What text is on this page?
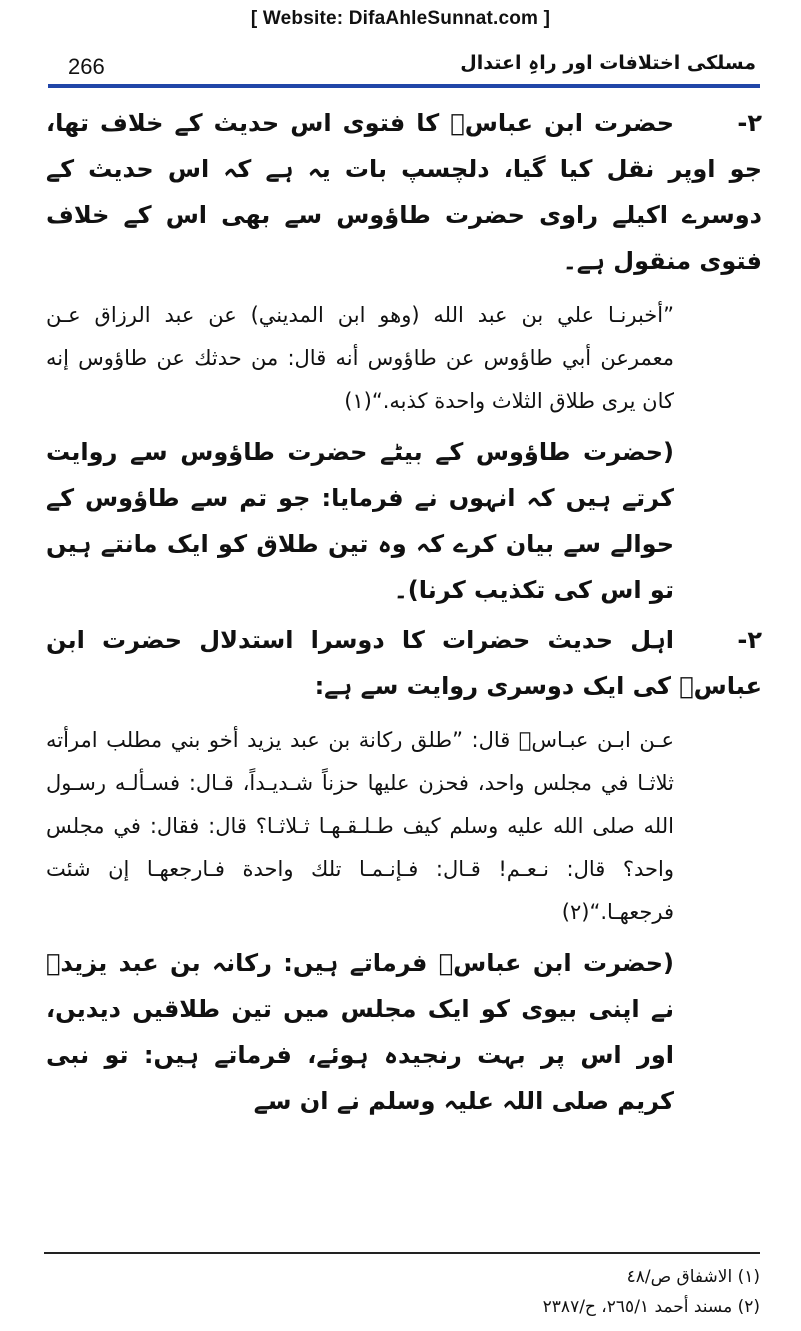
[ Website: DifaAhleSunnat.com ]
266	مسلکی اختلافات اور راہِ اعتدال

۲-
حضرت ابن عباسؓ کا فتوی اس حدیث کے خلاف تھا، جو اوپر نقل کیا گیا، دلچسپ بات یہ ہے کہ اس حدیث کے دوسرے اکیلے راوی حضرت طاؤوس سے بھی اس کے خلاف فتوی منقول ہے۔

”أخبرنـا علي بن عبد الله (وهو ابن المديني) عن عبد الرزاق عـن معمرعن أبي طاؤوس عن طاؤوس أنه قال: من حدثك عن طاؤوس إنه كان يرى طلاق الثلاث واحدة كذبه.“(١)

(حضرت طاؤوس کے بیٹے حضرت طاؤوس سے روایت کرتے ہیں کہ انہوں نے فرمایا: جو تم سے طاؤوس کے حوالے سے بیان کرے کہ وہ تین طلاق کو ایک مانتے ہیں تو اس کی تکذیب کرنا)۔

۲-
اہل حدیث حضرات کا دوسرا استدلال حضرت ابن عباسؓ کی ایک دوسری روایت سے ہے:

عـن ابـن عبـاسؓ قال: ”طلق ركانة بن عبد يزيد أخو بني مطلب امرأته ثلاثـا في مجلس واحد، فحزن عليها حزناً شـديـداً، قـال: فسـألـه رسـول الله صلى الله عليه وسلم كيف طـلـقـهـا ثـلاثـا؟ قال: فقال: في مجلس واحد؟ قال: نـعـم! قـال: فـإنـمـا تلك واحدة فـارجعهـا إن شئت فرجعهـا.“(٢)

(حضرت ابن عباسؓ فرماتے ہیں: رکانہ بن عبد یزیدؓ نے اپنی بیوی کو ایک مجلس میں تین طلاقیں دیدیں، اور اس پر بہت رنجیدہ ہوئے، فرماتے ہیں: تو نبی کریم صلی اللہ علیہ وسلم نے ان سے

(١) الاشفاق ص/٤٨
(٢) مسند أحمد ٢٦٥/١، ح/٢٣٨٧
